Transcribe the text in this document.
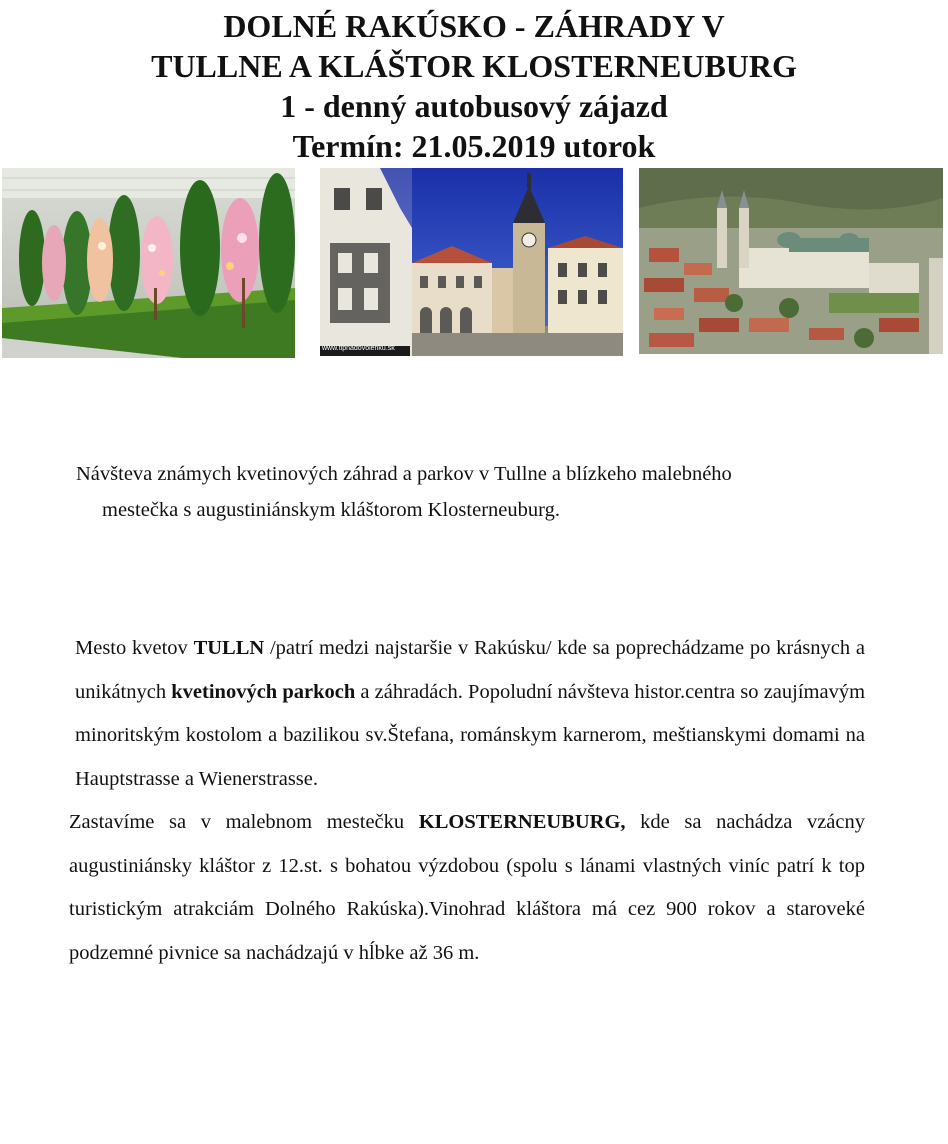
DOLNÉ RAKÚSKO - ZÁHRADY V
TULLNE A KLÁŠTOR KLOSTERNEUBURG
1 - denný autobusový zájazd
Termín: 21.05.2019 utorok
www.tipnadovolenku.sk
Návšteva známych kvetinových záhrad a parkov v Tullne a blízkeho malebného
mestečka s augustiniánskym kláštorom Klosterneuburg.

Mesto kvetov TULLN /patrí medzi najstaršie v Rakúsku/ kde sa poprechádzame po krásnych a unikátnych kvetinových parkoch a záhradách. Popoludní návšteva histor.centra so zaujímavým minoritským kostolom a bazilikou sv.Štefana, románskym karnerom, meštianskymi domami na Hauptstrasse a Wienerstrasse.

Zastavíme sa v malebnom mestečku KLOSTERNEUBURG, kde sa nachádza vzácny augustiniánsky kláštor z 12.st. s bohatou výzdobou (spolu s lánami vlastných viníc patrí k top turistickým atrakciám Dolného Rakúska).Vinohrad kláštora má cez 900 rokov a staroveké podzemné pivnice sa nachádzajú v hĺbke až 36 m.
